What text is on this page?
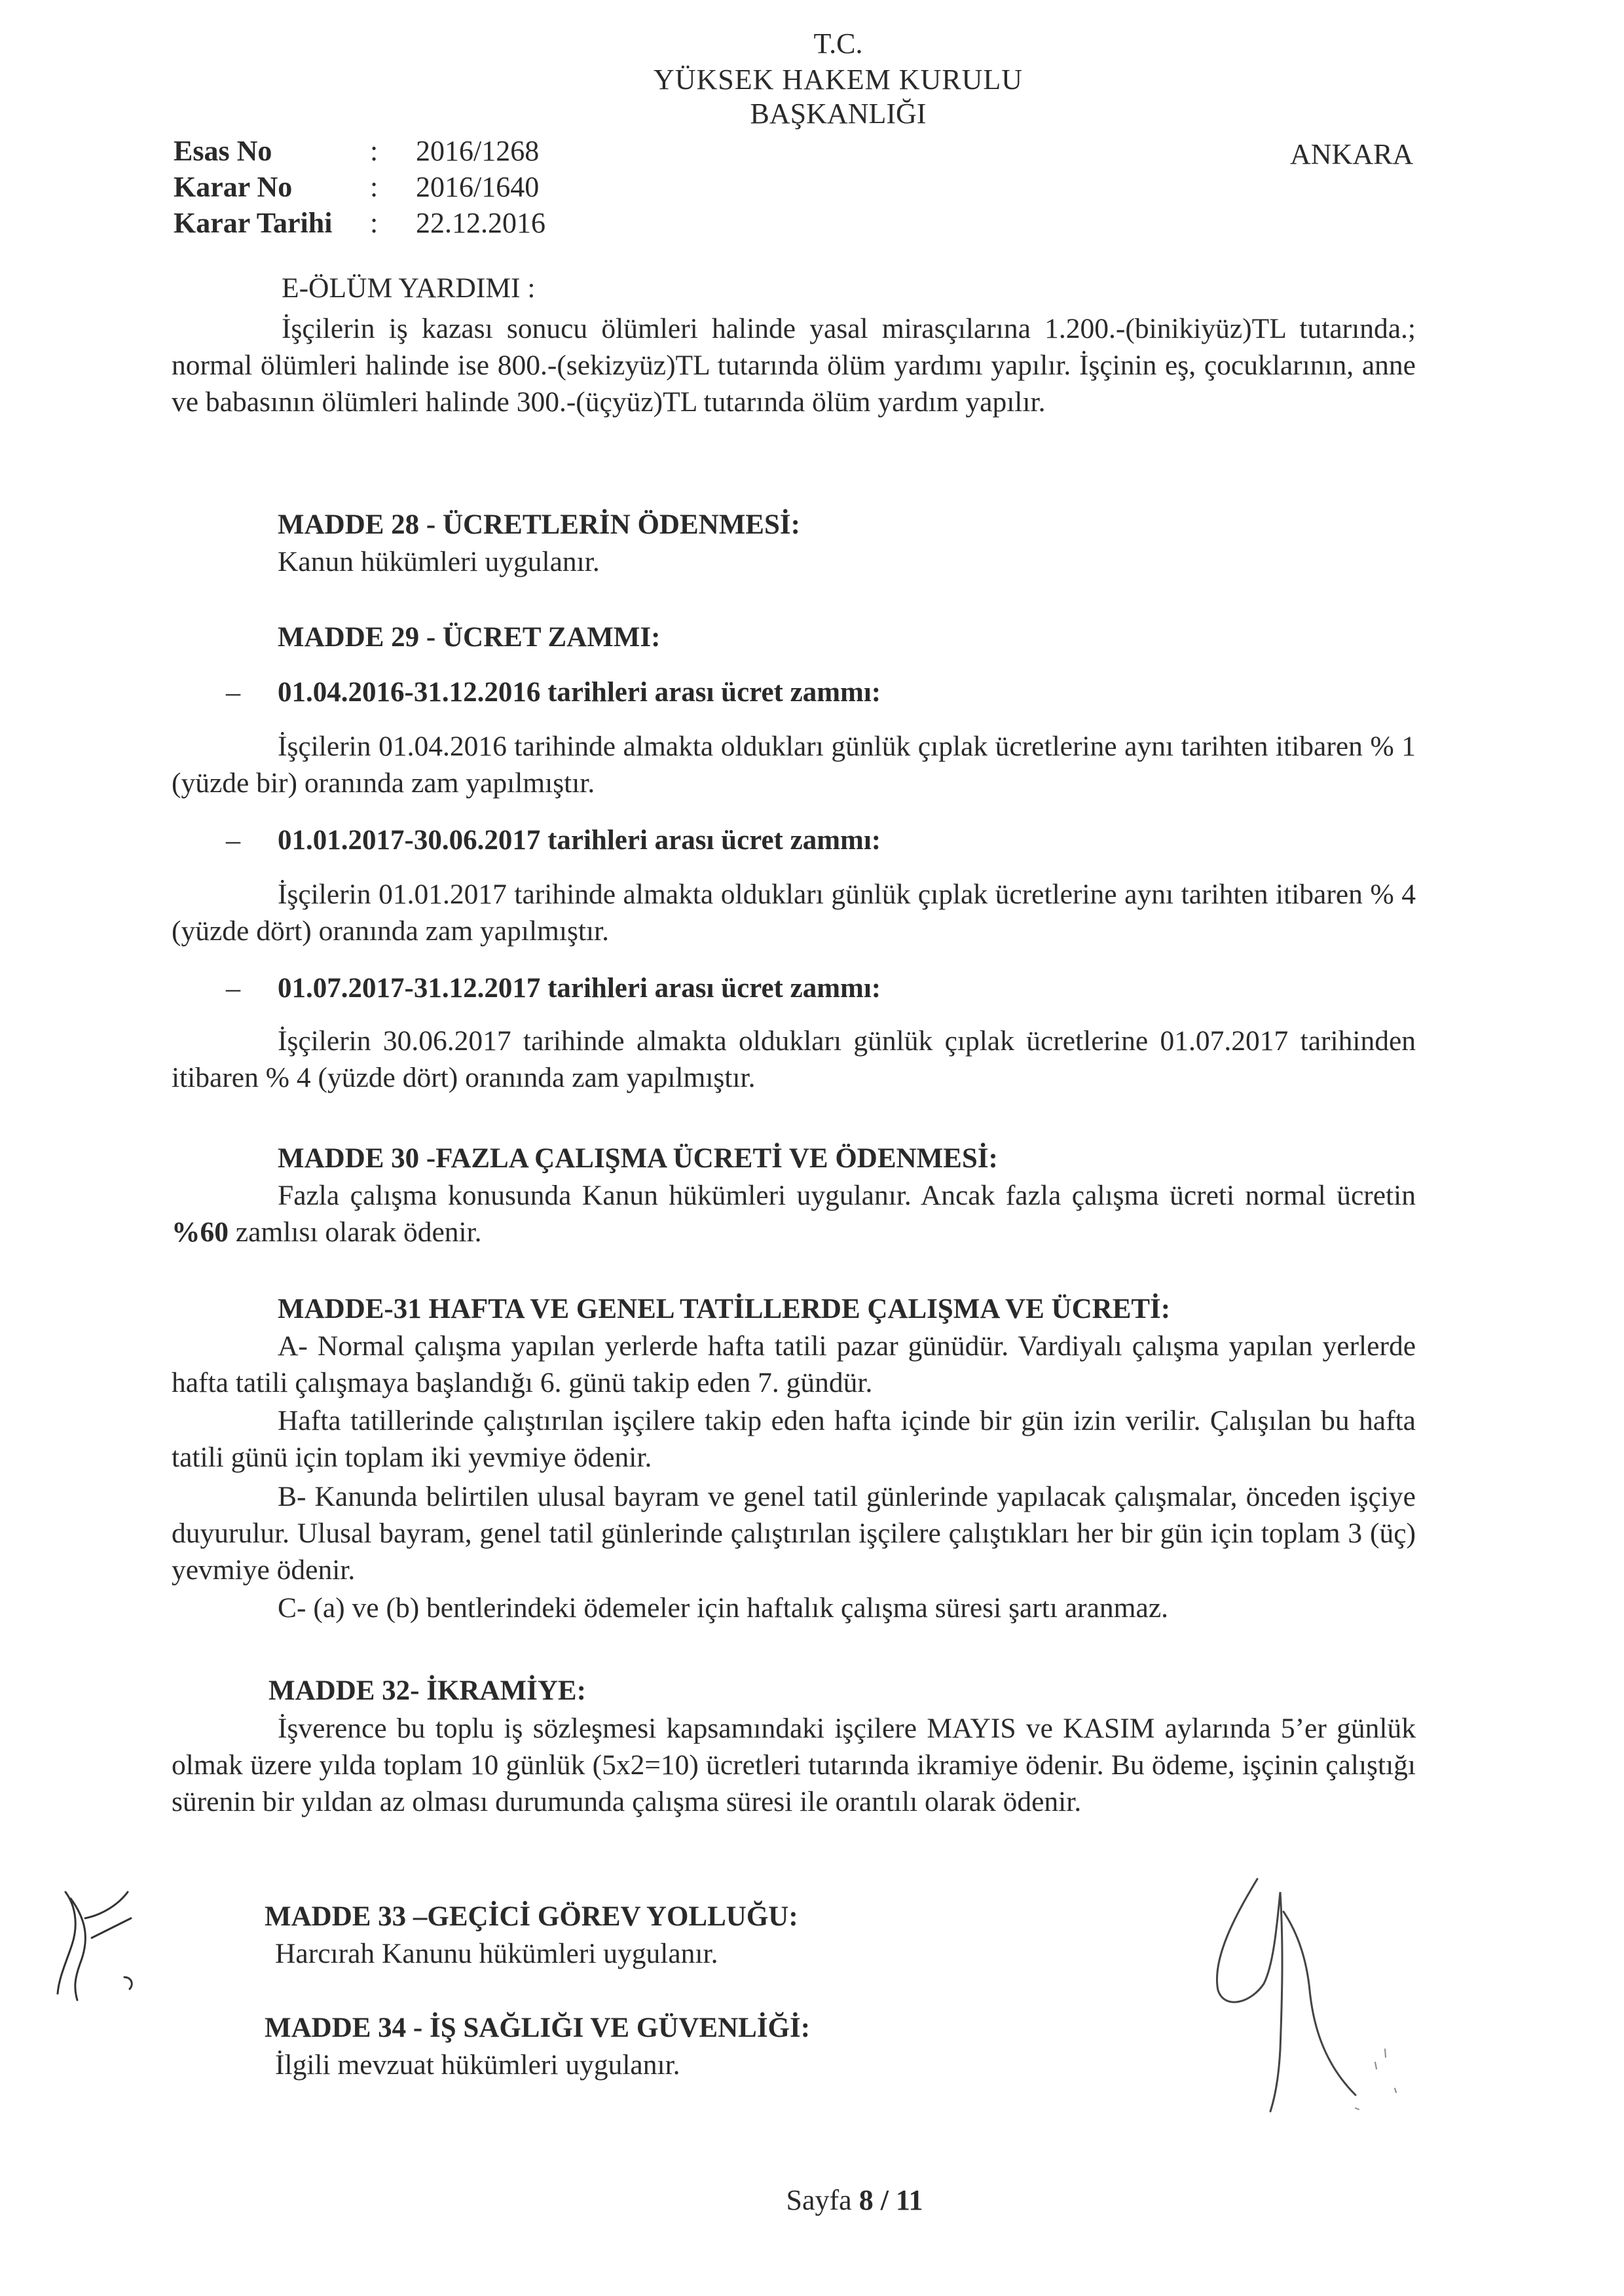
T.C.
YÜKSEK HAKEM KURULU
BAŞKANLIĞI
ANKARA
Esas No	:	2016/1268
Karar No	:	2016/1640
Karar Tarihi	:	22.12.2016
E-ÖLÜM YARDIMI :
İşçilerin iş kazası sonucu ölümleri halinde yasal mirasçılarına 1.200.-(binikiyüz)TL tutarında.; normal ölümleri halinde ise 800.-(sekizyüz)TL tutarında ölüm yardımı yapılır. İşçinin eş, çocuklarının, anne ve babasının ölümleri halinde 300.-(üçyüz)TL tutarında ölüm yardım yapılır.
MADDE 28 - ÜCRETLERİN ÖDENMESİ:
Kanun hükümleri uygulanır.
MADDE 29 - ÜCRET ZAMMI:
– 01.04.2016-31.12.2016 tarihleri arası ücret zammı:
İşçilerin 01.04.2016 tarihinde almakta oldukları günlük çıplak ücretlerine aynı tarihten itibaren % 1 (yüzde bir) oranında zam yapılmıştır.
– 01.01.2017-30.06.2017 tarihleri arası ücret zammı:
İşçilerin 01.01.2017 tarihinde almakta oldukları günlük çıplak ücretlerine aynı tarihten itibaren % 4 (yüzde dört) oranında zam yapılmıştır.
– 01.07.2017-31.12.2017 tarihleri arası ücret zammı:
İşçilerin 30.06.2017 tarihinde almakta oldukları günlük çıplak ücretlerine 01.07.2017 tarihinden itibaren % 4 (yüzde dört) oranında zam yapılmıştır.
MADDE 30 -FAZLA ÇALIŞMA ÜCRETİ VE ÖDENMESİ:
Fazla çalışma konusunda Kanun hükümleri uygulanır. Ancak fazla çalışma ücreti normal ücretin %60 zamlısı olarak ödenir.
MADDE-31 HAFTA VE GENEL TATİLLERDE ÇALIŞMA VE ÜCRETİ:
A- Normal çalışma yapılan yerlerde hafta tatili pazar günüdür. Vardiyalı çalışma yapılan yerlerde hafta tatili çalışmaya başlandığı 6. günü takip eden 7. gündür.
Hafta tatillerinde çalıştırılan işçilere takip eden hafta içinde bir gün izin verilir. Çalışılan bu hafta tatili günü için toplam iki yevmiye ödenir.
B- Kanunda belirtilen ulusal bayram ve genel tatil günlerinde yapılacak çalışmalar, önceden işçiye duyurulur. Ulusal bayram, genel tatil günlerinde çalıştırılan işçilere çalıştıkları her bir gün için toplam 3 (üç) yevmiye ödenir.
C- (a) ve (b) bentlerindeki ödemeler için haftalık çalışma süresi şartı aranmaz.
MADDE 32- İKRAMİYE:
İşverence bu toplu iş sözleşmesi kapsamındaki işçilere MAYIS ve KASIM aylarında 5’er günlük olmak üzere yılda toplam 10 günlük (5x2=10) ücretleri tutarında ikramiye ödenir. Bu ödeme, işçinin çalıştığı sürenin bir yıldan az olması durumunda çalışma süresi ile orantılı olarak ödenir.
MADDE 33 –GEÇİCİ GÖREV YOLLUĞU:
Harcırah Kanunu hükümleri uygulanır.
MADDE 34 - İŞ SAĞLIĞI VE GÜVENLİĞİ:
İlgili mevzuat hükümleri uygulanır.
Sayfa 8 / 11
